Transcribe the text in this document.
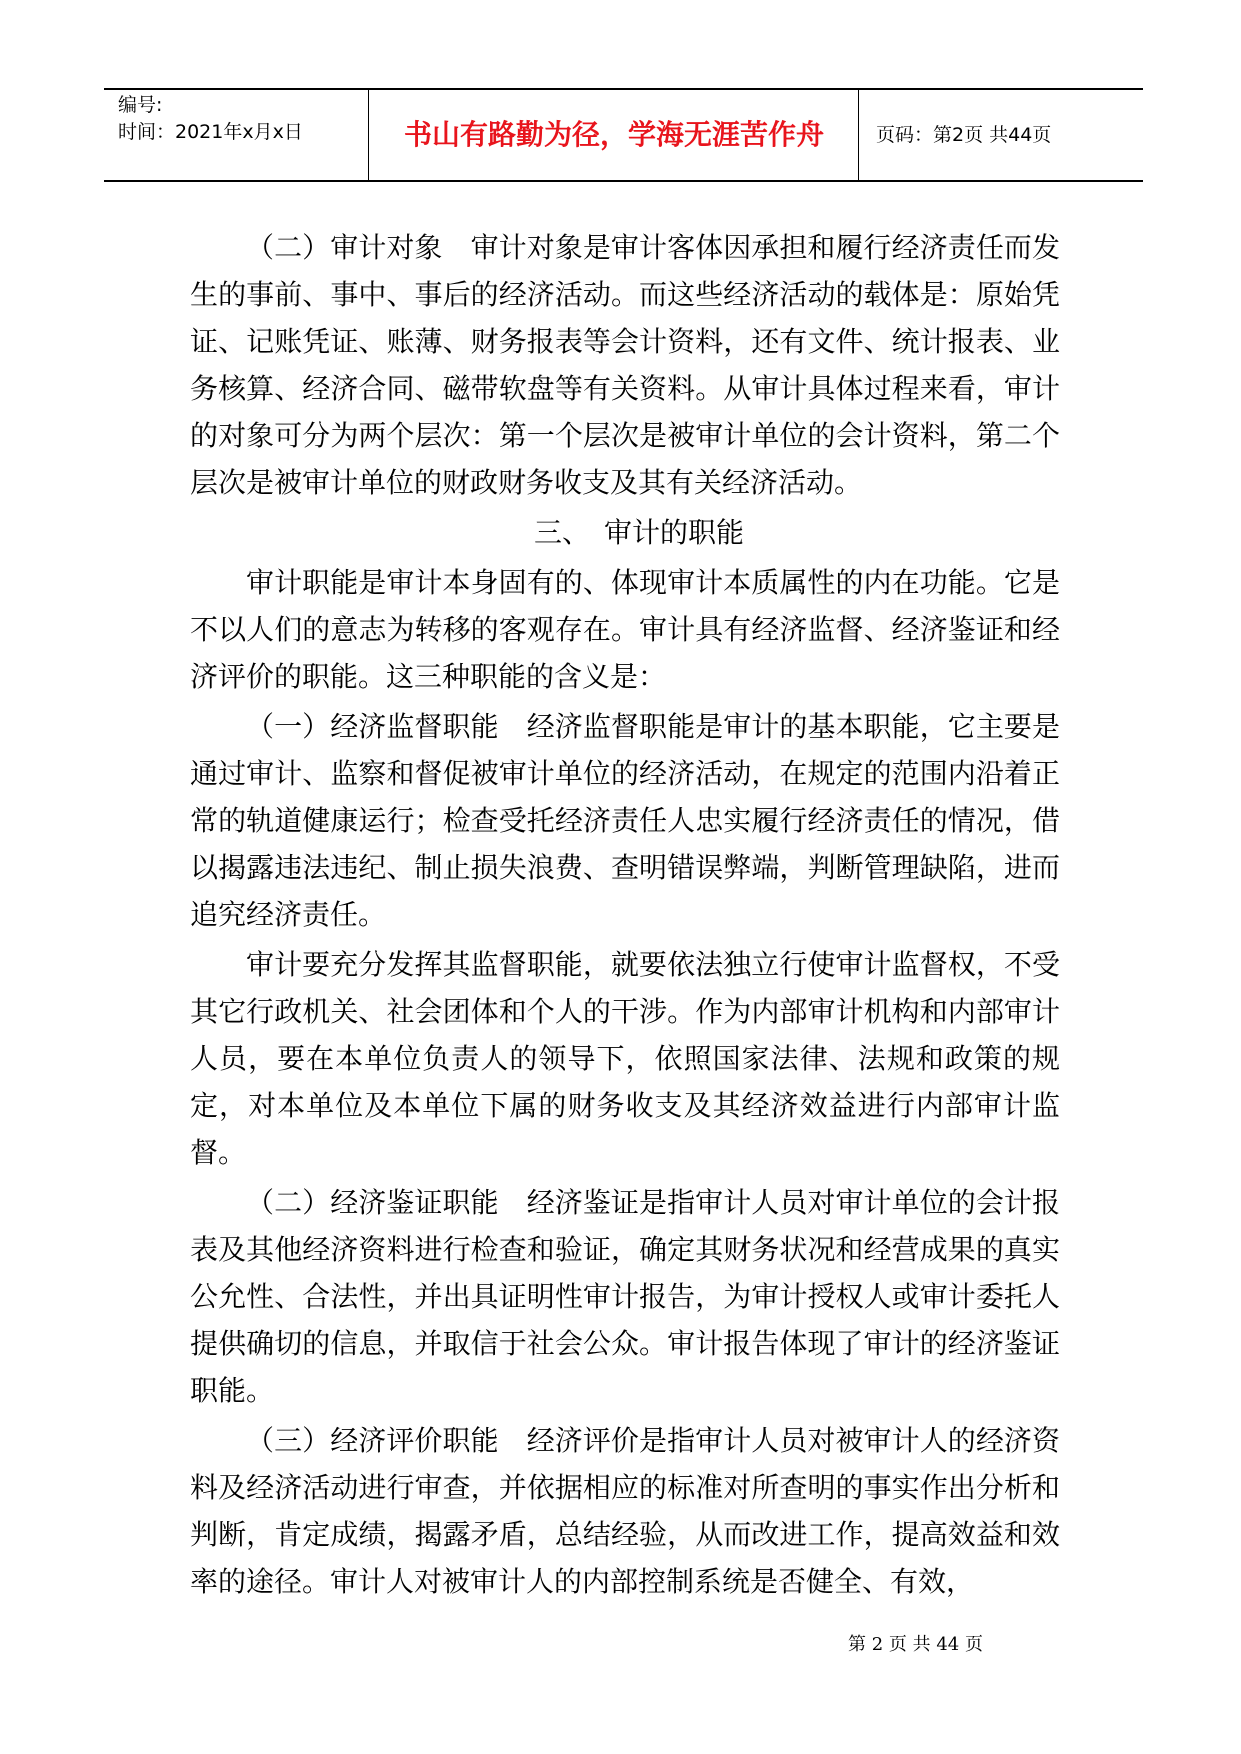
编号:
时间：2021年x月x日	书山有路勤为径，学海无涯苦作舟	页码：第2页 共44页

（二）审计对象　审计对象是审计客体因承担和履行经济责任而发生的事前、事中、事后的经济活动。而这些经济活动的载体是：原始凭证、记账凭证、账薄、财务报表等会计资料，还有文件、统计报表、业务核算、经济合同、磁带软盘等有关资料。从审计具体过程来看，审计的对象可分为两个层次：第一个层次是被审计单位的会计资料，第二个层次是被审计单位的财政财务收支及其有关经济活动。

三、　审计的职能

审计职能是审计本身固有的、体现审计本质属性的内在功能。它是不以人们的意志为转移的客观存在。审计具有经济监督、经济鉴证和经济评价的职能。这三种职能的含义是：

（一）经济监督职能　经济监督职能是审计的基本职能，它主要是通过审计、监察和督促被审计单位的经济活动，在规定的范围内沿着正常的轨道健康运行；检查受托经济责任人忠实履行经济责任的情况，借以揭露违法违纪、制止损失浪费、查明错误弊端，判断管理缺陷，进而追究经济责任。

审计要充分发挥其监督职能，就要依法独立行使审计监督权，不受其它行政机关、社会团体和个人的干涉。作为内部审计机构和内部审计人员，要在本单位负责人的领导下，依照国家法律、法规和政策的规定，对本单位及本单位下属的财务收支及其经济效益进行内部审计监督。

（二）经济鉴证职能　经济鉴证是指审计人员对审计单位的会计报表及其他经济资料进行检查和验证，确定其财务状况和经营成果的真实公允性、合法性，并出具证明性审计报告，为审计授权人或审计委托人提供确切的信息，并取信于社会公众。审计报告体现了审计的经济鉴证职能。

（三）经济评价职能　经济评价是指审计人员对被审计人的经济资料及经济活动进行审查，并依据相应的标准对所查明的事实作出分析和判断，肯定成绩，揭露矛盾，总结经验，从而改进工作，提高效益和效率的途径。审计人对被审计人的内部控制系统是否健全、有效，

第 2 页 共 44 页
